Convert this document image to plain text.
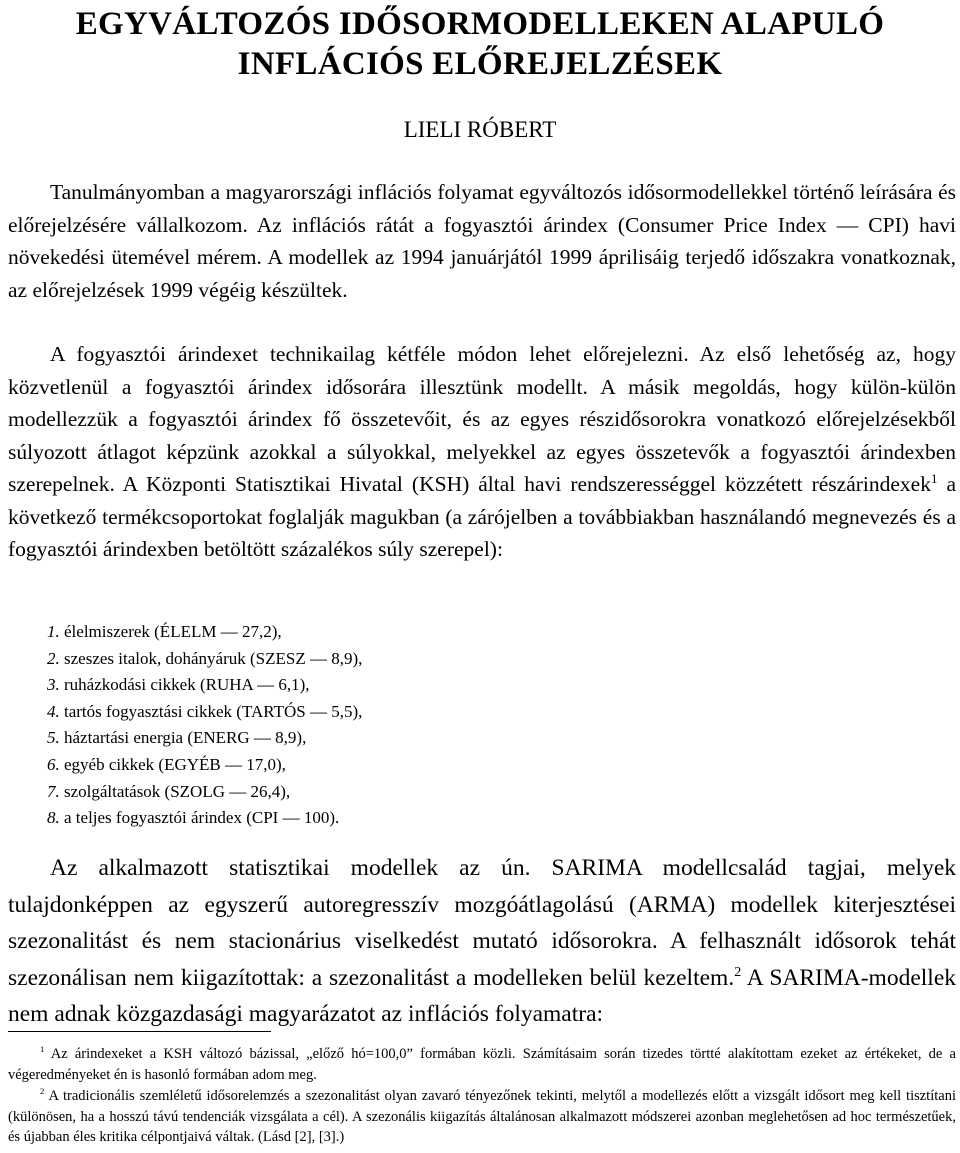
EGYVÁLTOZÓS IDŐSORMODELLEKEN ALAPULÓ
INFLÁCIÓS ELŐREJELZÉSEK
LIELI RÓBERT

Tanulmányomban a magyarországi inflációs folyamat egyváltozós idősormodellekkel történő leírására és előrejelzésére vállalkozom. Az inflációs rátát a fogyasztói árindex (Consumer Price Index — CPI) havi növekedési ütemével mérem. A modellek az 1994 januárjától 1999 áprilisáig terjedő időszakra vonatkoznak, az előrejelzések 1999 végéig készültek.

A fogyasztói árindexet technikailag kétféle módon lehet előrejelezni. Az első lehetőség az, hogy közvetlenül a fogyasztói árindex idősorára illesztünk modellt. A másik megoldás, hogy külön-külön modellezzük a fogyasztói árindex fő összetevőit, és az egyes részidősorokra vonatkozó előrejelzésekből súlyozott átlagot képzünk azokkal a súlyokkal, melyekkel az egyes összetevők a fogyasztói árindexben szerepelnek. A Központi Statisztikai Hivatal (KSH) által havi rendszerességgel közzétett részárindexek$^1$ a következő termékcsoportokat foglalják magukban (a zárójelben a továbbiakban használandó megnevezés és a fogyasztói árindexben betöltött százalékos súly szerepel):

1. élelmiszerek (ÉLELM — 27,2),
2. szeszes italok, dohányáruk (SZESZ — 8,9),
3. ruházkodási cikkek (RUHA — 6,1),
4. tartós fogyasztási cikkek (TARTÓS — 5,5),
5. háztartási energia (ENERG — 8,9),
6. egyéb cikkek (EGYÉB — 17,0),
7. szolgáltatások (SZOLG — 26,4),
8. a teljes fogyasztói árindex (CPI — 100).

Az alkalmazott statisztikai modellek az ún. SARIMA modellcsalád tagjai, melyek tulajdonképpen az egyszerű autoregresszív mozgóátlagolású (ARMA) modellek kiterjesztései szezonalitást és nem stacionárius viselkedést mutató idősorokra. A felhasznált idősorok tehát szezonálisan nem kiigazítottak: a szezonalitást a modelleken belül kezeltem.$^2$ A SARIMA-modellek nem adnak közgazdasági magyarázatot az inflációs folyamatra:

$^1$ Az árindexeket a KSH változó bázissal, „előző hó=100,0” formában közli. Számításaim során tizedes törtté alakítottam ezeket az értékeket, de a végeredményeket én is hasonló formában adom meg.

$^2$ A tradicionális szemléletű idősorelemzés a szezonalitást olyan zavaró tényezőnek tekinti, melytől a modellezés előtt a vizsgált idősort meg kell tisztítani (különösen, ha a hosszú távú tendenciák vizsgálata a cél). A szezonális kiigazítás általánosan alkalmazott módszerei azonban meglehetősen ad hoc természetűek, és újabban éles kritika célpontjaivá váltak. (Lásd [2], [3].)
